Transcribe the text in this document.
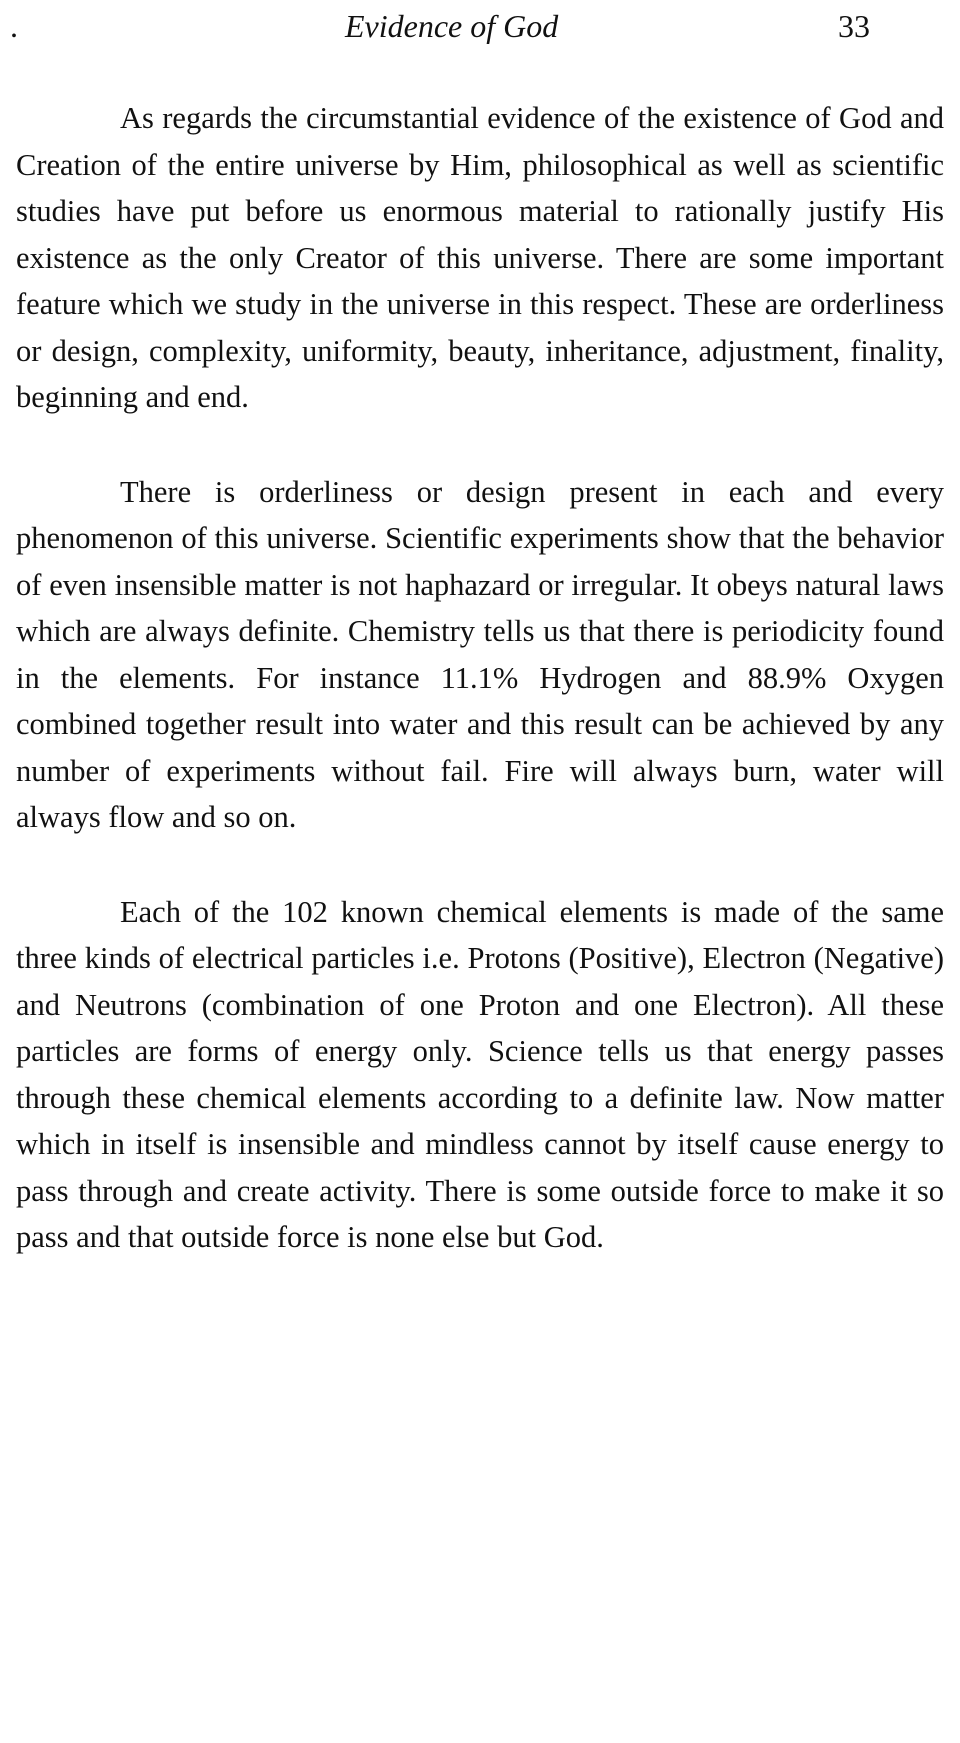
.	Evidence of God	33

As regards the circumstantial evidence of the existence of God and Creation of the entire universe by Him, philosophical as well as scientific studies have put before us enormous material to rationally justify His existence as the only Creator of this universe. There are some important feature which we study in the universe in this respect. These are orderliness or design, complexity, uniformity, beauty, inheritance, adjustment, finality, beginning and end.

There is orderliness or design present in each and every phenomenon of this universe. Scientific experiments show that the behavior of even insensible matter is not haphazard or irregular. It obeys natural laws which are always definite. Chemistry tells us that there is periodicity found in the elements. For instance 11.1% Hydrogen and 88.9% Oxygen combined together result into water and this result can be achieved by any number of experiments without fail. Fire will always burn, water will always flow and so on.

Each of the 102 known chemical elements is made of the same three kinds of electrical particles i.e. Protons (Positive), Electron (Negative) and Neutrons (combination of one Proton and one Electron). All these particles are forms of energy only. Science tells us that energy passes through these chemical elements according to a definite law. Now matter which in itself is insensible and mindless cannot by itself cause energy to pass through and create activity. There is some outside force to make it so pass and that outside force is none else but God.
